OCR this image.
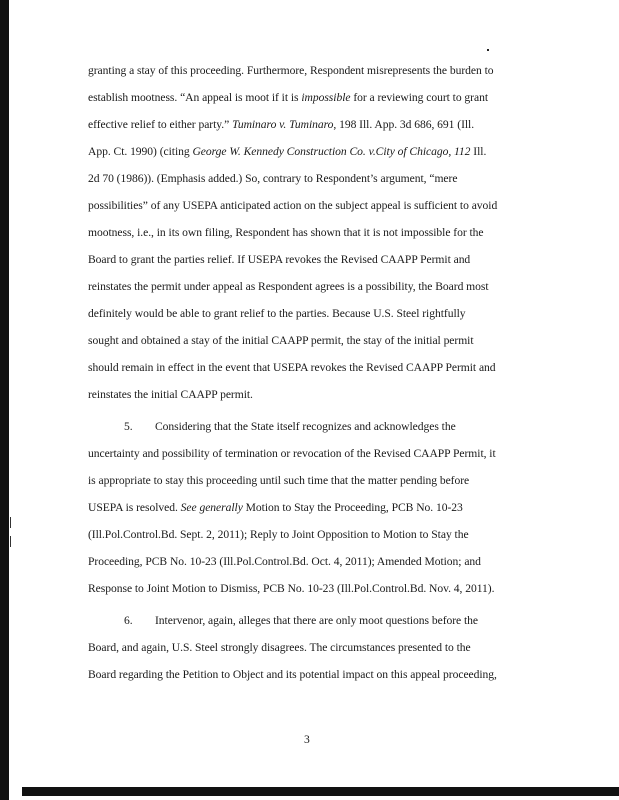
granting a stay of this proceeding. Furthermore, Respondent misrepresents the burden to
establish mootness. “An appeal is moot if it is impossible for a reviewing court to grant
effective relief to either party.” Tuminaro v. Tuminaro, 198 Ill. App. 3d 686, 691 (Ill.
App. Ct. 1990) (citing George W. Kennedy Construction Co. v.City of Chicago, 112 Ill.
2d 70 (1986)). (Emphasis added.) So, contrary to Respondent’s argument, “mere
possibilities” of any USEPA anticipated action on the subject appeal is sufficient to avoid
mootness, i.e., in its own filing, Respondent has shown that it is not impossible for the
Board to grant the parties relief. If USEPA revokes the Revised CAAPP Permit and
reinstates the permit under appeal as Respondent agrees is a possibility, the Board most
definitely would be able to grant relief to the parties. Because U.S. Steel rightfully
sought and obtained a stay of the initial CAAPP permit, the stay of the initial permit
should remain in effect in the event that USEPA revokes the Revised CAAPP Permit and
reinstates the initial CAAPP permit.
5. Considering that the State itself recognizes and acknowledges the
uncertainty and possibility of termination or revocation of the Revised CAAPP Permit, it
is appropriate to stay this proceeding until such time that the matter pending before
USEPA is resolved. See generally Motion to Stay the Proceeding, PCB No. 10-23
(Ill.Pol.Control.Bd. Sept. 2, 2011); Reply to Joint Opposition to Motion to Stay the
Proceeding, PCB No. 10-23 (Ill.Pol.Control.Bd. Oct. 4, 2011); Amended Motion; and
Response to Joint Motion to Dismiss, PCB No. 10-23 (Ill.Pol.Control.Bd. Nov. 4, 2011).
6. Intervenor, again, alleges that there are only moot questions before the
Board, and again, U.S. Steel strongly disagrees. The circumstances presented to the
Board regarding the Petition to Object and its potential impact on this appeal proceeding,
3
